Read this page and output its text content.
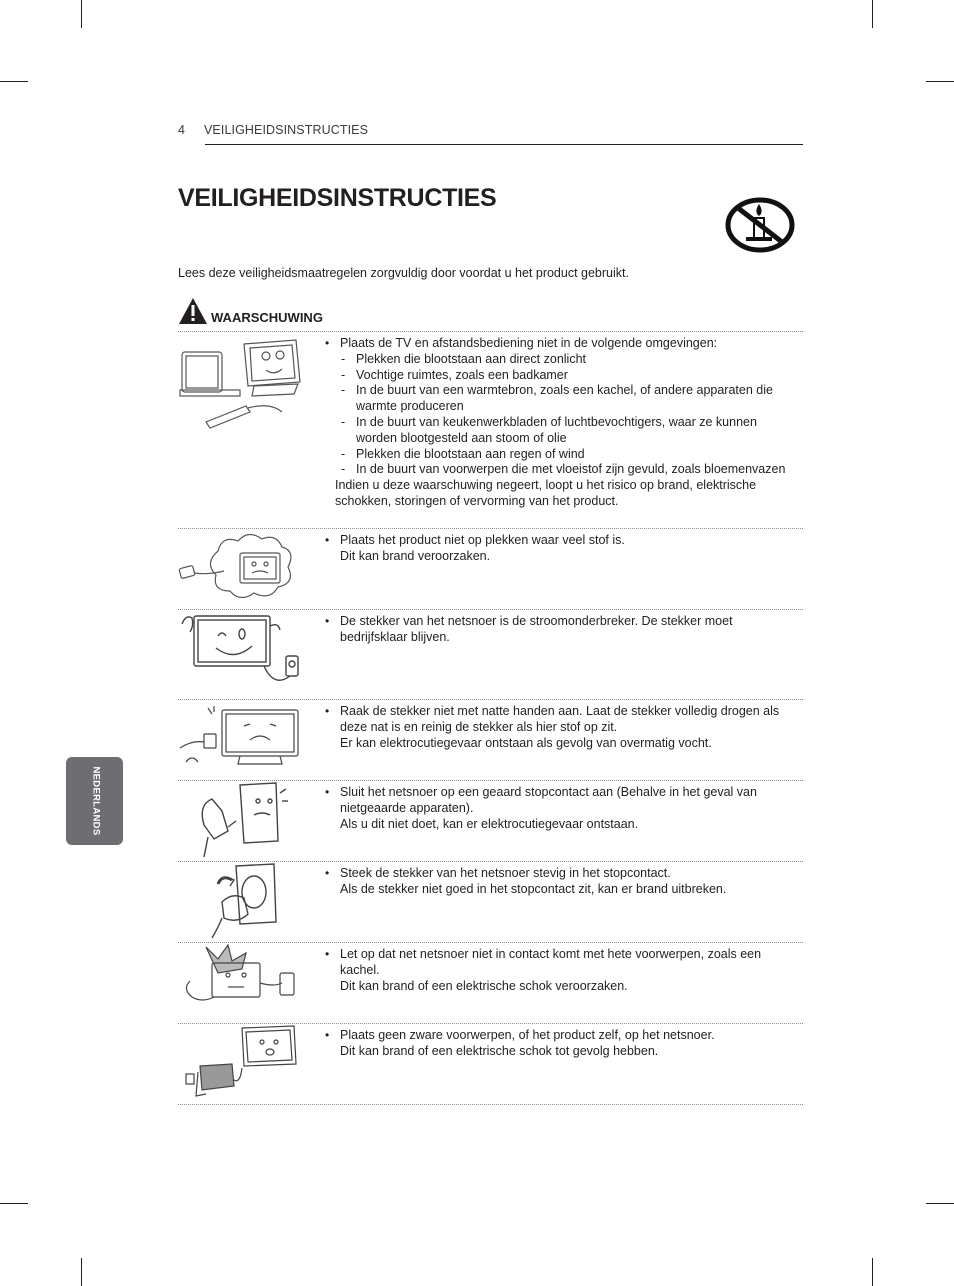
4 VEILIGHEIDSINSTRUCTIES
VEILIGHEIDSINSTRUCTIES
Lees deze veiligheidsmaatregelen zorgvuldig door voordat u het product gebruikt.
WAARSCHUWING
• Plaats de TV en afstandsbediening niet in de volgende omgevingen:
- Plekken die blootstaan aan direct zonlicht
- Vochtige ruimtes, zoals een badkamer
- In de buurt van een warmtebron, zoals een kachel, of andere apparaten die warmte produceren
- In de buurt van keukenwerkbladen of luchtbevochtigers, waar ze kunnen worden blootgesteld aan stoom of olie
- Plekken die blootstaan aan regen of wind
- In de buurt van voorwerpen die met vloeistof zijn gevuld, zoals bloemenvazen
Indien u deze waarschuwing negeert, loopt u het risico op brand, elektrische schokken, storingen of vervorming van het product.
• Plaats het product niet op plekken waar veel stof is.
Dit kan brand veroorzaken.
• De stekker van het netsnoer is de stroomonderbreker. De stekker moet bedrijfsklaar blijven.
• Raak de stekker niet met natte handen aan. Laat de stekker volledig drogen als deze nat is en reinig de stekker als hier stof op zit.
Er kan elektrocutiegevaar ontstaan als gevolg van overmatig vocht.
• Sluit het netsnoer op een geaard stopcontact aan (Behalve in het geval van nietgeaarde apparaten).
Als u dit niet doet, kan er elektrocutiegevaar ontstaan.
• Steek de stekker van het netsnoer stevig in het stopcontact.
Als de stekker niet goed in het stopcontact zit, kan er brand uitbreken.
• Let op dat net netsnoer niet in contact komt met hete voorwerpen, zoals een kachel.
Dit kan brand of een elektrische schok veroorzaken.
• Plaats geen zware voorwerpen, of het product zelf, op het netsnoer.
Dit kan brand of een elektrische schok tot gevolg hebben.
NEDERLANDS
